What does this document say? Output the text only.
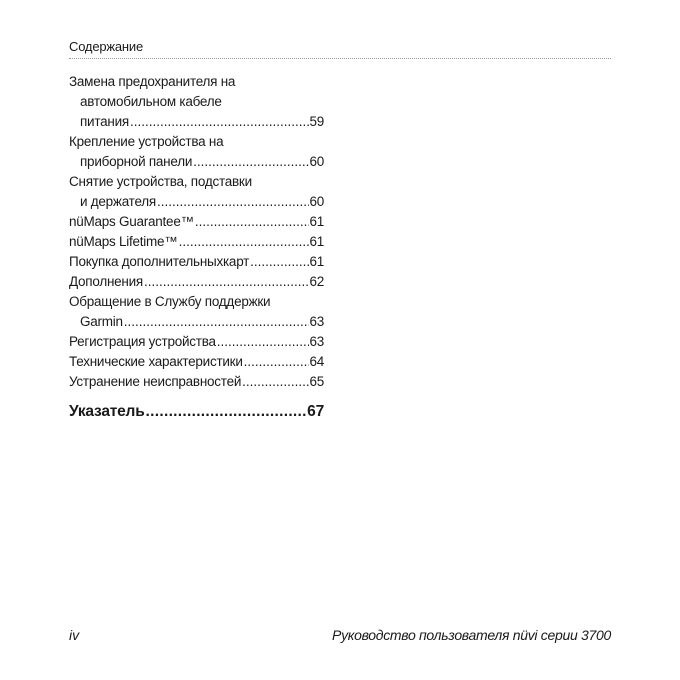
Содержание
Замена предохранителя на
автомобильном кабеле
питания .....	59
Крепление устройства на
приборной панели .....	60
Снятие устройства, подставки
и держателя .....	60
nüMaps Guarantee™ .....	61
nüMaps Lifetime™ .....	61
Покупка дополнительныхкарт .....	61
Дополнения .....	62
Обращение в Службу поддержки
Garmin .....	63
Регистрация устройства .....	63
Технические характеристики .....	64
Устранение неисправностей .....	65
Указатель .....	67
iv	Руководство пользователя nüvi серии 3700
